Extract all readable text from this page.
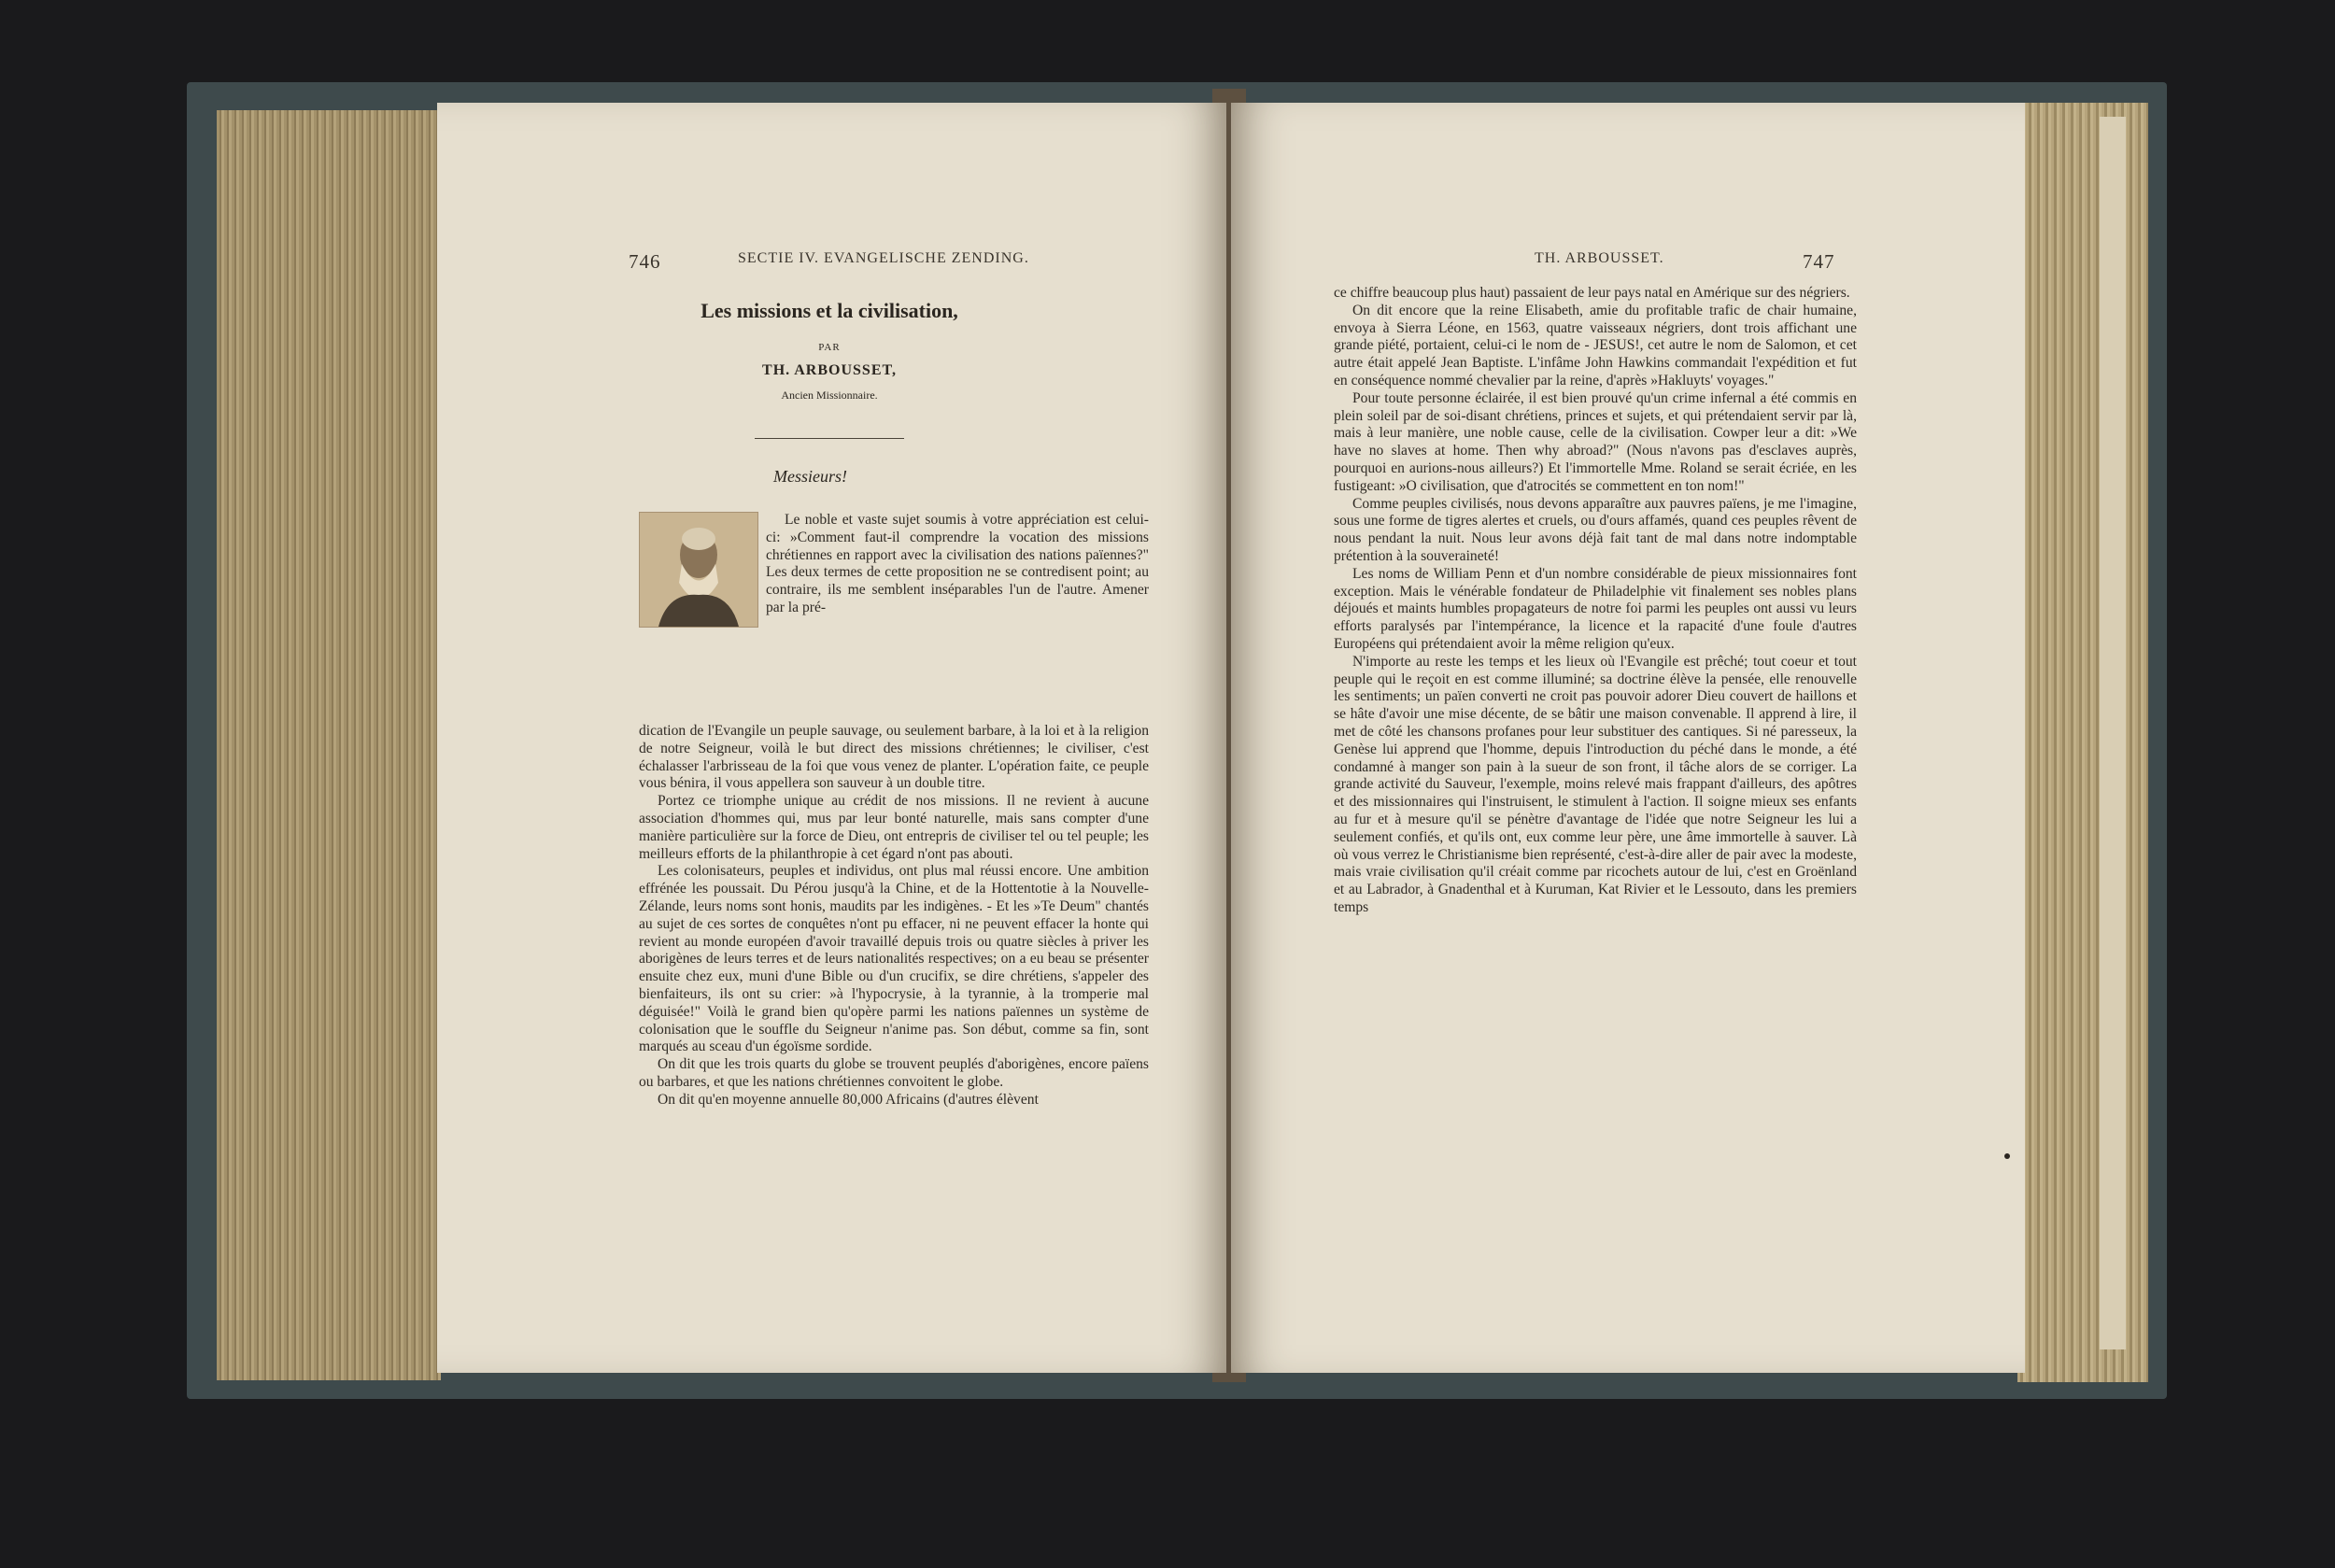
746	SECTIE IV. EVANGELISCHE ZENDING.
Les missions et la civilisation,
PAR
TH. ARBOUSSET,
Ancien Missionnaire.
Messieurs!

Le noble et vaste sujet soumis à votre appréciation est celui-ci: »Comment faut-il comprendre la vocation des missions chrétiennes en rapport avec la civilisation des nations païennes?" Les deux termes de cette proposition ne se contredisent point; au contraire, ils me semblent inséparables l'un de l'autre. Amener par la pré-

dication de l'Evangile un peuple sauvage, ou seulement barbare, à la loi et à la religion de notre Seigneur, voilà le but direct des missions chrétiennes; le civiliser, c'est échalasser l'arbrisseau de la foi que vous venez de planter. L'opération faite, ce peuple vous bénira, il vous appellera son sauveur à un double titre.

Portez ce triomphe unique au crédit de nos missions. Il ne revient à aucune association d'hommes qui, mus par leur bonté naturelle, mais sans compter d'une manière particulière sur la force de Dieu, ont entrepris de civiliser tel ou tel peuple; les meilleurs efforts de la philanthropie à cet égard n'ont pas abouti.

Les colonisateurs, peuples et individus, ont plus mal réussi encore. Une ambition effrénée les poussait. Du Pérou jusqu'à la Chine, et de la Hottentotie à la Nouvelle-Zélande, leurs noms sont honis, maudits par les indigènes. - Et les »Te Deum" chantés au sujet de ces sortes de conquêtes n'ont pu effacer, ni ne peuvent effacer la honte qui revient au monde européen d'avoir travaillé depuis trois ou quatre siècles à priver les aborigènes de leurs terres et de leurs nationalités respectives; on a eu beau se présenter ensuite chez eux, muni d'une Bible ou d'un crucifix, se dire chrétiens, s'appeler des bienfaiteurs, ils ont su crier: »à l'hypocrysie, à la tyrannie, à la tromperie mal déguisée!" Voilà le grand bien qu'opère parmi les nations païennes un système de colonisation que le souffle du Seigneur n'anime pas. Son début, comme sa fin, sont marqués au sceau d'un égoïsme sordide.

On dit que les trois quarts du globe se trouvent peuplés d'aborigènes, encore païens ou barbares, et que les nations chrétiennes convoitent le globe.

On dit qu'en moyenne annuelle 80,000 Africains (d'autres élèvent

TH. ARBOUSSET.	747

ce chiffre beaucoup plus haut) passaient de leur pays natal en Amérique sur des négriers.

On dit encore que la reine Elisabeth, amie du profitable trafic de chair humaine, envoya à Sierra Léone, en 1563, quatre vaisseaux négriers, dont trois affichant une grande piété, portaient, celui-ci le nom de - JESUS!, cet autre le nom de Salomon, et cet autre était appelé Jean Baptiste. L'infâme John Hawkins commandait l'expédition et fut en conséquence nommé chevalier par la reine, d'après »Hakluyts' voyages."

Pour toute personne éclairée, il est bien prouvé qu'un crime infernal a été commis en plein soleil par de soi-disant chrétiens, princes et sujets, et qui prétendaient servir par là, mais à leur manière, une noble cause, celle de la civilisation. Cowper leur a dit: »We have no slaves at home. Then why abroad?" (Nous n'avons pas d'esclaves auprès, pourquoi en aurions-nous ailleurs?) Et l'immortelle Mme. Roland se serait écriée, en les fustigeant: »O civilisation, que d'atrocités se commettent en ton nom!"

Comme peuples civilisés, nous devons apparaître aux pauvres païens, je me l'imagine, sous une forme de tigres alertes et cruels, ou d'ours affamés, quand ces peuples rêvent de nous pendant la nuit. Nous leur avons déjà fait tant de mal dans notre indomptable prétention à la souveraineté!

Les noms de William Penn et d'un nombre considérable de pieux missionnaires font exception. Mais le vénérable fondateur de Philadelphie vit finalement ses nobles plans déjoués et maints humbles propagateurs de notre foi parmi les peuples ont aussi vu leurs efforts paralysés par l'intempérance, la licence et la rapacité d'une foule d'autres Européens qui prétendaient avoir la même religion qu'eux.

N'importe au reste les temps et les lieux où l'Evangile est prêché; tout coeur et tout peuple qui le reçoit en est comme illuminé; sa doctrine élève la pensée, elle renouvelle les sentiments; un païen converti ne croit pas pouvoir adorer Dieu couvert de haillons et se hâte d'avoir une mise décente, de se bâtir une maison convenable. Il apprend à lire, il met de côté les chansons profanes pour leur substituer des cantiques. Si né paresseux, la Genèse lui apprend que l'homme, depuis l'introduction du péché dans le monde, a été condamné à manger son pain à la sueur de son front, il tâche alors de se corriger. La grande activité du Sauveur, l'exemple, moins relevé mais frappant d'ailleurs, des apôtres et des missionnaires qui l'instruisent, le stimulent à l'action. Il soigne mieux ses enfants au fur et à mesure qu'il se pénètre d'avantage de l'idée que notre Seigneur les lui a seulement confiés, et qu'ils ont, eux comme leur père, une âme immortelle à sauver. Là où vous verrez le Christianisme bien représenté, c'est-à-dire aller de pair avec la modeste, mais vraie civilisation qu'il créait comme par ricochets autour de lui, c'est en Groënland et au Labrador, à Gnadenthal et à Kuruman, Kat Rivier et le Lessouto, dans les premiers temps
